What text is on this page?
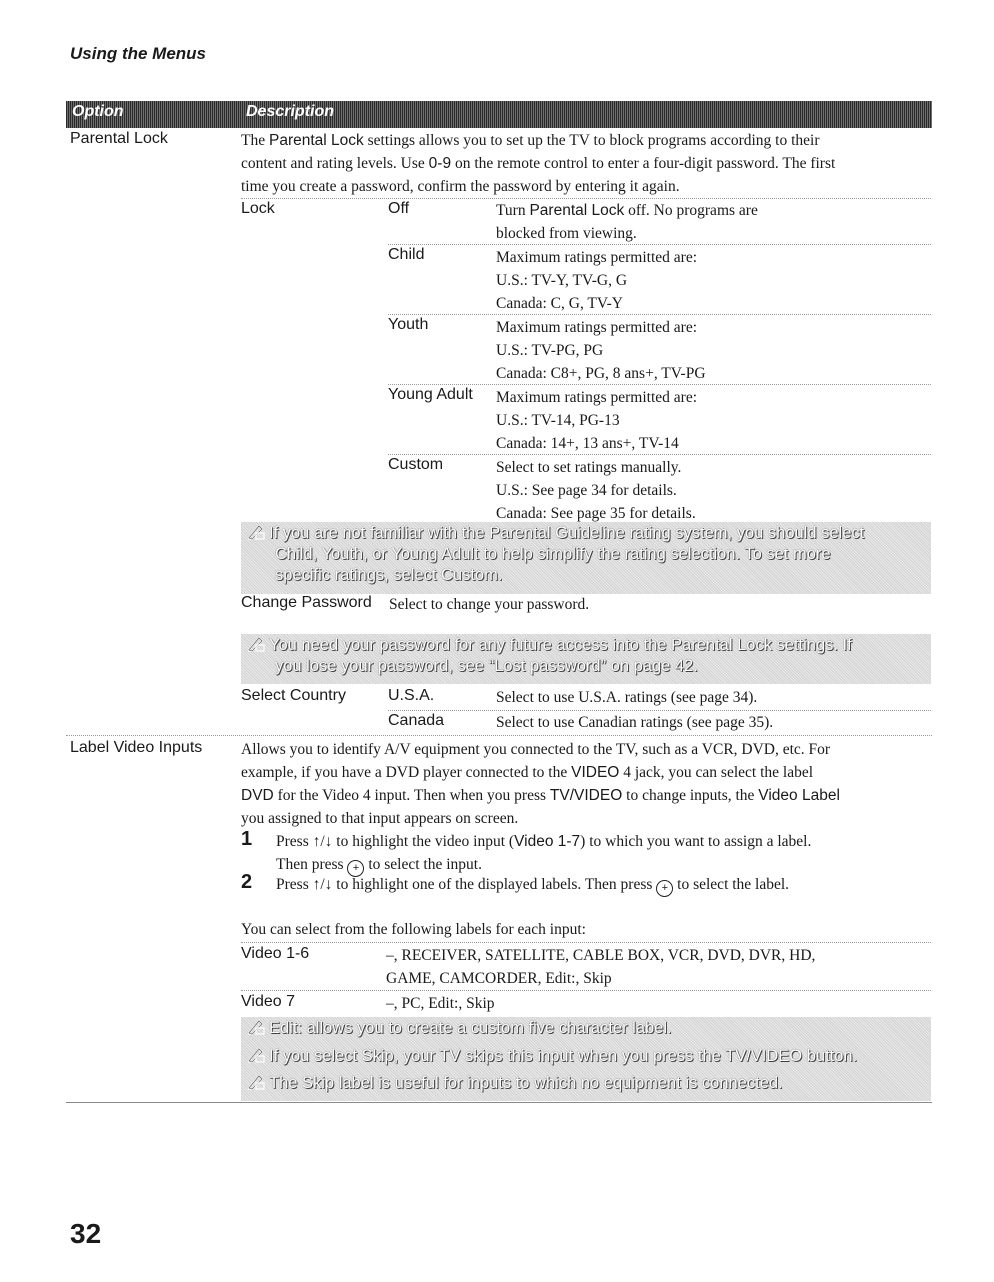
Using the Menus
Option	Description
Parental Lock	The Parental Lock settings allows you to set up the TV to block programs according to their
content and rating levels. Use 0-9 on the remote control to enter a four-digit password. The first
time you create a password, confirm the password by entering it again.
Lock	Off	Turn Parental Lock off. No programs are
blocked from viewing.
Child	Maximum ratings permitted are:
U.S.: TV-Y, TV-G, G
Canada: C, G, TV-Y
Youth	Maximum ratings permitted are:
U.S.: TV-PG, PG
Canada: C8+, PG, 8 ans+, TV-PG
Young Adult Maximum ratings permitted are:
U.S.: TV-14, PG-13
Canada: 14+, 13 ans+, TV-14
Custom	Select to set ratings manually.
U.S.: See page 34 for details.
Canada: See page 35 for details.
If you are not familiar with the Parental Guideline rating system, you should select
Child, Youth, or Young Adult to help simplify the rating selection. To set more
specific ratings, select Custom.
Change Password Select to change your password.
You need your password for any future access into the Parental Lock settings. If
you lose your password, see “Lost password” on page 42.
Select Country	U.S.A.	Select to use U.S.A. ratings (see page 34).
Canada	Select to use Canadian ratings (see page 35).
Label Video Inputs Allows you to identify A/V equipment you connected to the TV, such as a VCR, DVD, etc. For
example, if you have a DVD player connected to the VIDEO 4 jack, you can select the label
DVD for the Video 4 input. Then when you press TV/VIDEO to change inputs, the Video Label
you assigned to that input appears on screen.
1 Press ↑/↓ to highlight the video input (Video 1-7) to which you want to assign a label.
Then press + to select the input.
2 Press ↑/↓ to highlight one of the displayed labels. Then press + to select the label.
You can select from the following labels for each input:
Video 1-6	–, RECEIVER, SATELLITE, CABLE BOX, VCR, DVD, DVR, HD,
GAME, CAMCORDER, Edit:, Skip
Video 7	–, PC, Edit:, Skip
Edit: allows you to create a custom five character label.
If you select Skip, your TV skips this input when you press the TV/VIDEO button.
The Skip label is useful for inputs to which no equipment is connected.
32
